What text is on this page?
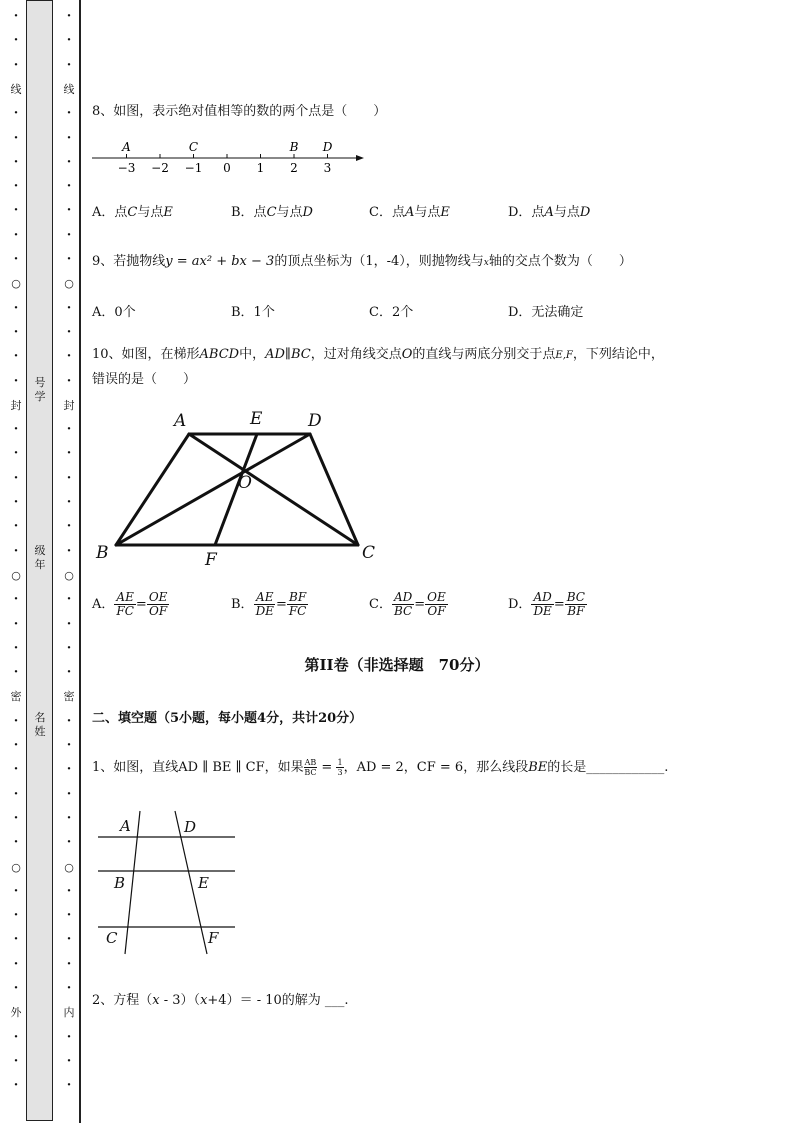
·
·
·
线
·
·
·
·
·
·
·
○
·
·
·
·
封
·
·
·
·
·
·
○
·
·
·
·
密
·
·
·
·
·
·
○
·
·
·
·
·
外
·
·
·
·
·
·
线
·
·
·
·
·
·
·
○
·
·
·
·
封
·
·
·
·
·
·
○
·
·
·
·
密
·
·
·
·
·
·
○
·
·
·
·
·
内
·
·
·
号学
级年
名姓
8、如图，表示绝对值相等的数的两个点是（　　）
−3 −2 −1 0 1 2 3
A	C	B D
A．点C与点E	B．点C与点D	C．点A与点E	D．点A与点D
9、若抛物线y = ax² + bx − 3的顶点坐标为（1，-4），则抛物线与x轴的交点个数为（　　）
A．0个	B．1个	C．2个	D．无法确定
10、如图，在梯形ABCD中，AD∥BC，过对角线交点O的直线与两底分别交于点E,F，下列结论中，
错误的是（　　）
A	E	D
O
B	F	C
A． $\frac{AE}{FC} = \frac{OE}{OF}$	B． $\frac{AE}{DE} = \frac{BF}{FC}$	C． $\frac{AD}{BC} = \frac{OE}{OF}$	D． $\frac{AD}{DE} = \frac{BC}{BF}$
第II卷（非选择题　70分）
二、填空题（5小题，每小题4分，共计20分）
1、如图，直线AD ∥ BE ∥ CF，如果 $\frac{AB}{BC} = \frac{1}{3}$ ，AD = 2，CF = 6，那么线段BE的长是____________.
A	D
B	E
C	F
2、方程（x - 3）（x+4）＝ - 10的解为 ___.
